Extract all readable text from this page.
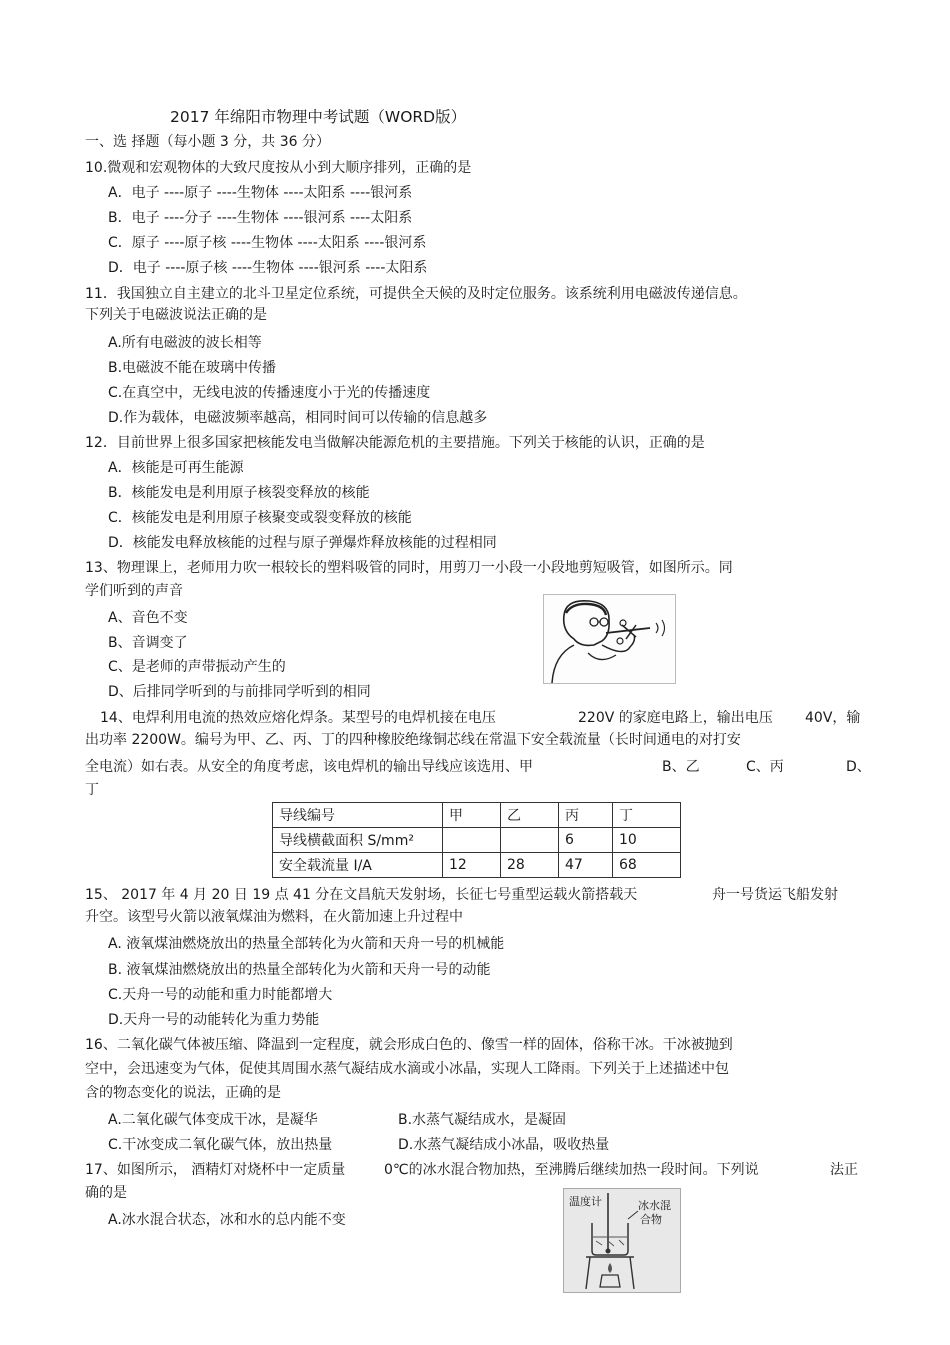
2017 年绵阳市物理中考试题（WORD版）
一、选 择题（每小题 3 分，共 36 分）
10.微观和宏观物体的大致尺度按从小到大顺序排列，正确的是
A．电子 ----原子 ----生物体 ----太阳系 ----银河系
B．电子 ----分子 ----生物体 ----银河系 ----太阳系
C．原子 ----原子核 ----生物体 ----太阳系 ----银河系
D．电子 ----原子核 ----生物体 ----银河系 ----太阳系
11．我国独立自主建立的北斗卫星定位系统，可提供全天候的及时定位服务。该系统利用电磁波传递信息。
下列关于电磁波说法正确的是
A.所有电磁波的波长相等
B.电磁波不能在玻璃中传播
C.在真空中，无线电波的传播速度小于光的传播速度
D.作为载体，电磁波频率越高，相同时间可以传输的信息越多
12．目前世界上很多国家把核能发电当做解决能源危机的主要措施。下列关于核能的认识，正确的是
A．核能是可再生能源
B．核能发电是利用原子核裂变释放的核能
C．核能发电是利用原子核聚变或裂变释放的核能
D．核能发电释放核能的过程与原子弹爆炸释放核能的过程相同
13、物理课上，老师用力吹一根较长的塑料吸管的同时，用剪刀一小段一小段地剪短吸管，如图所示。同
学们听到的声音
A、音色不变
B、音调变了
C、是老师的声带振动产生的
D、后排同学听到的与前排同学听到的相同
14、电焊利用电流的热效应熔化焊条。某型号的电焊机接在电压	220V 的家庭电路上，输出电压 40V，输
出功率 2200W。编号为甲、乙、丙、丁的四种橡胶绝缘铜芯线在常温下安全载流量（长时间通电的对打安
全电流）如右表。从安全的角度考虑，该电焊机的输出导线应该选用、甲	B、乙	C、丙	D、
丁
导线编号	甲	乙	丙	丁
导线横截面积 S/mm²			6	10
安全载流量 I/A	12	28	47	68
15、 2017 年 4 月 20 日 19 点 41 分在文昌航天发射场，长征七号重型运载火箭搭载天	舟一号货运飞船发射
升空。该型号火箭以液氧煤油为燃料，在火箭加速上升过程中
A. 液氧煤油燃烧放出的热量全部转化为火箭和天舟一号的机械能
B. 液氧煤油燃烧放出的热量全部转化为火箭和天舟一号的动能
C.天舟一号的动能和重力时能都增大
D.天舟一号的动能转化为重力势能
16、二氧化碳气体被压缩、降温到一定程度，就会形成白色的、像雪一样的固体，俗称干冰。干冰被抛到
空中，会迅速变为气体，促使其周围水蒸气凝结成水滴或小冰晶，实现人工降雨。下列关于上述描述中包
含的物态变化的说法，正确的是
A.二氧化碳气体变成干冰，是凝华	B.水蒸气凝结成水，是凝固
C.干冰变成二氧化碳气体，放出热量	D.水蒸气凝结成小冰晶，吸收热量
17、如图所示， 酒精灯对烧杯中一定质量	0℃的冰水混合物加热，至沸腾后继续加热一段时间。下列说	法正
确的是
A.冰水混合状态，冰和水的总内能不变
温度计	冰水混
合物
